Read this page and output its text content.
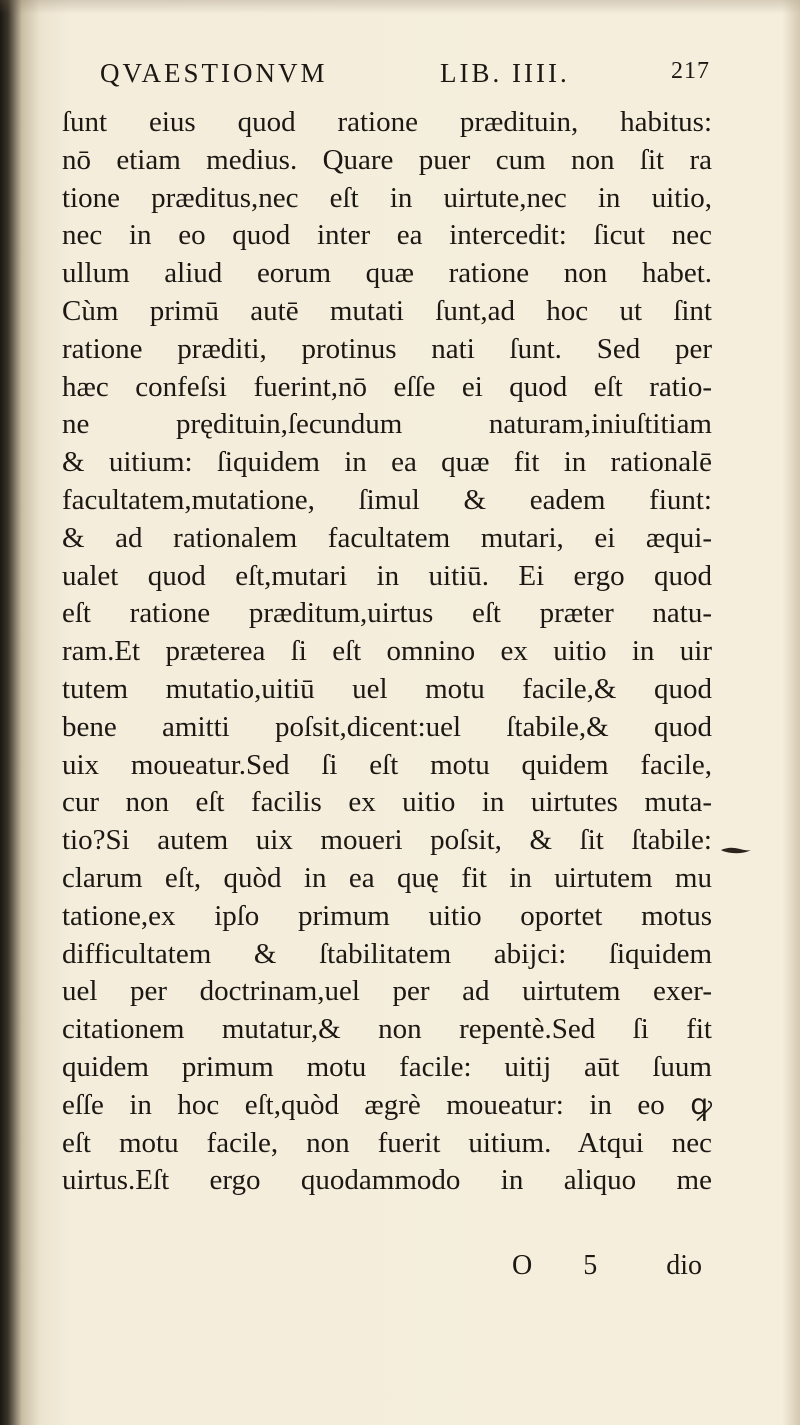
QVAESTIONVM	LIB. IIII.	217
ſunt eius quod ratione prædituin, habitus:
nō etiam medius. Quare puer cum non ſit ra
tione præditus,nec eſt in uirtute,nec in uitio,
nec in eo quod inter ea intercedit: ſicut nec
ullum aliud eorum quæ ratione non habet.
Cùm primū autē mutati ſunt,ad hoc ut ſint
ratione præditi, protinus nati ſunt. Sed per
hæc confeſsi fuerint,nō eſſe ei quod eſt ratio-
ne prędituin,ſecundum naturam,iniuſtitiam
& uitium: ſiquidem in ea quæ fit in rationalē
facultatem,mutatione, ſimul & eadem fiunt:
& ad rationalem facultatem mutari, ei æqui-
ualet quod eſt,mutari in uitiū. Ei ergo quod
eſt ratione præditum,uirtus eſt præter natu-
ram.Et præterea ſi eſt omnino ex uitio in uir
tutem mutatio,uitiū uel motu facile,& quod
bene amitti poſsit,dicent:uel ſtabile,& quod
uix moueatur.Sed ſi eſt motu quidem facile,
cur non eſt facilis ex uitio in uirtutes muta-
tio?Si autem uix moueri poſsit, & ſit ſtabile:
clarum eſt, quòd in ea quę fit in uirtutem mu
tatione,ex ipſo primum uitio oportet motus
difficultatem & ſtabilitatem abijci: ſiquidem
uel per doctrinam,uel per ad uirtutem exer-
citationem mutatur,& non repentè.Sed ſi fit
quidem primum motu facile: uitij aūt ſuum
eſſe in hoc eſt,quòd ægrè moueatur: in eo ꝙ
eſt motu facile, non fuerit uitium. Atqui nec
uirtus.Eſt ergo quodammodo in aliquo me
O 5 dio
